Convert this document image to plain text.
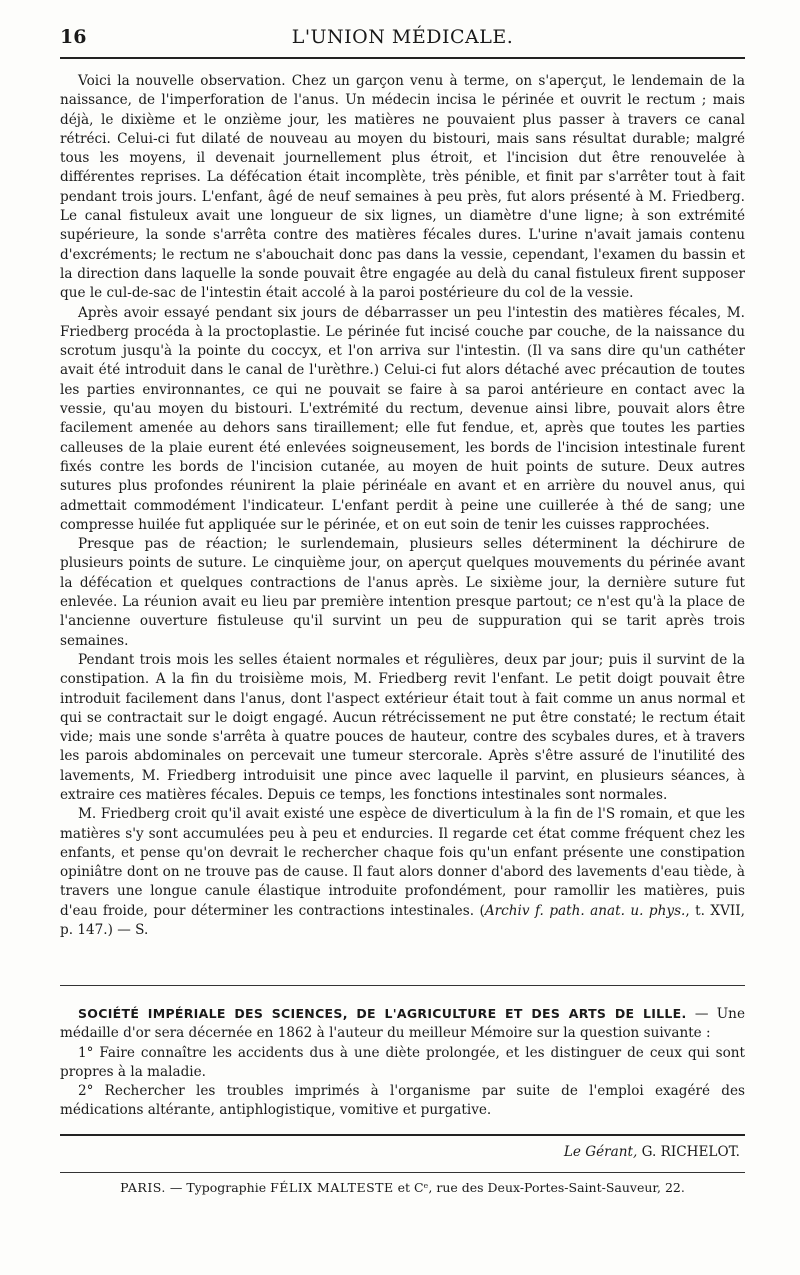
16	L'UNION MÉDICALE.

Voici la nouvelle observation. Chez un garçon venu à terme, on s'aperçut, le lendemain de la naissance, de l'imperforation de l'anus. Un médecin incisa le périnée et ouvrit le rectum ; mais déjà, le dixième et le onzième jour, les matières ne pouvaient plus passer à travers ce canal rétréci. Celui-ci fut dilaté de nouveau au moyen du bistouri, mais sans résultat durable; malgré tous les moyens, il devenait journellement plus étroit, et l'incision dut être renouvelée à différentes reprises. La défécation était incomplète, très pénible, et finit par s'arrêter tout à fait pendant trois jours. L'enfant, âgé de neuf semaines à peu près, fut alors présenté à M. Friedberg. Le canal fistuleux avait une longueur de six lignes, un diamètre d'une ligne; à son extrémité supérieure, la sonde s'arrêta contre des matières fécales dures. L'urine n'avait jamais contenu d'excréments; le rectum ne s'abouchait donc pas dans la vessie, cependant, l'examen du bassin et la direction dans laquelle la sonde pouvait être engagée au delà du canal fistuleux firent supposer que le cul-de-sac de l'intestin était accolé à la paroi postérieure du col de la vessie.

Après avoir essayé pendant six jours de débarrasser un peu l'intestin des matières fécales, M. Friedberg procéda à la proctoplastie. Le périnée fut incisé couche par couche, de la naissance du scrotum jusqu'à la pointe du coccyx, et l'on arriva sur l'intestin. (Il va sans dire qu'un cathéter avait été introduit dans le canal de l'urèthre.) Celui-ci fut alors détaché avec précaution de toutes les parties environnantes, ce qui ne pouvait se faire à sa paroi antérieure en contact avec la vessie, qu'au moyen du bistouri. L'extrémité du rectum, devenue ainsi libre, pouvait alors être facilement amenée au dehors sans tiraillement; elle fut fendue, et, après que toutes les parties calleuses de la plaie eurent été enlevées soigneusement, les bords de l'incision intestinale furent fixés contre les bords de l'incision cutanée, au moyen de huit points de suture. Deux autres sutures plus profondes réunirent la plaie périnéale en avant et en arrière du nouvel anus, qui admettait commodément l'indicateur. L'enfant perdit à peine une cuillerée à thé de sang; une compresse huilée fut appliquée sur le périnée, et on eut soin de tenir les cuisses rapprochées.

Presque pas de réaction; le surlendemain, plusieurs selles déterminent la déchirure de plusieurs points de suture. Le cinquième jour, on aperçut quelques mouvements du périnée avant la défécation et quelques contractions de l'anus après. Le sixième jour, la dernière suture fut enlevée. La réunion avait eu lieu par première intention presque partout; ce n'est qu'à la place de l'ancienne ouverture fistuleuse qu'il survint un peu de suppuration qui se tarit après trois semaines.

Pendant trois mois les selles étaient normales et régulières, deux par jour; puis il survint de la constipation. A la fin du troisième mois, M. Friedberg revit l'enfant. Le petit doigt pouvait être introduit facilement dans l'anus, dont l'aspect extérieur était tout à fait comme un anus normal et qui se contractait sur le doigt engagé. Aucun rétrécissement ne put être constaté; le rectum était vide; mais une sonde s'arrêta à quatre pouces de hauteur, contre des scybales dures, et à travers les parois abdominales on percevait une tumeur stercorale. Après s'être assuré de l'inutilité des lavements, M. Friedberg introduisit une pince avec laquelle il parvint, en plusieurs séances, à extraire ces matières fécales. Depuis ce temps, les fonctions intestinales sont normales.

M. Friedberg croit qu'il avait existé une espèce de diverticulum à la fin de l'S romain, et que les matières s'y sont accumulées peu à peu et endurcies. Il regarde cet état comme fréquent chez les enfants, et pense qu'on devrait le rechercher chaque fois qu'un enfant présente une constipation opiniâtre dont on ne trouve pas de cause. Il faut alors donner d'abord des lavements d'eau tiède, à travers une longue canule élastique introduite profondément, pour ramollir les matières, puis d'eau froide, pour déterminer les contractions intestinales. (Archiv f. path. anat. u. phys., t. XVII, p. 147.) — S.

SOCIÉTÉ IMPÉRIALE DES SCIENCES, DE L'AGRICULTURE ET DES ARTS DE LILLE. — Une médaille d'or sera décernée en 1862 à l'auteur du meilleur Mémoire sur la question suivante :

1° Faire connaître les accidents dus à une diète prolongée, et les distinguer de ceux qui sont propres à la maladie.

2° Rechercher les troubles imprimés à l'organisme par suite de l'emploi exagéré des médications altérante, antiphlogistique, vomitive et purgative.

Le Gérant, G. RICHELOT.
PARIS. — Typographie FÉLIX MALTESTE et Cᵉ, rue des Deux-Portes-Saint-Sauveur, 22.
